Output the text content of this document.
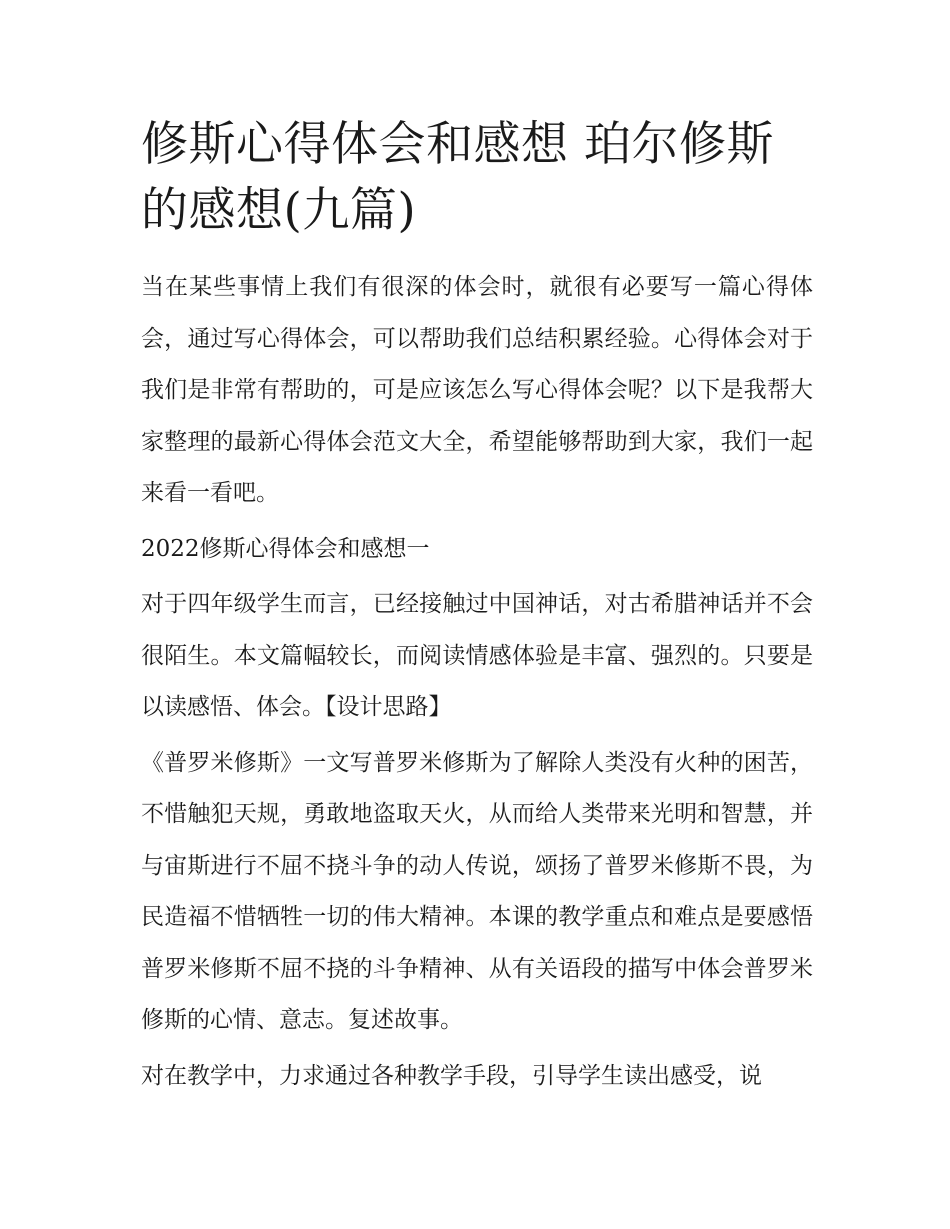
修斯心得体会和感想 珀尔修斯的感想(九篇)

当在某些事情上我们有很深的体会时，就很有必要写一篇心得体会，通过写心得体会，可以帮助我们总结积累经验。心得体会对于我们是非常有帮助的，可是应该怎么写心得体会呢？以下是我帮大家整理的最新心得体会范文大全，希望能够帮助到大家，我们一起来看一看吧。

2022修斯心得体会和感想一

对于四年级学生而言，已经接触过中国神话，对古希腊神话并不会很陌生。本文篇幅较长，而阅读情感体验是丰富、强烈的。只要是以读感悟、体会。【设计思路】

《普罗米修斯》一文写普罗米修斯为了解除人类没有火种的困苦，不惜触犯天规，勇敢地盗取天火，从而给人类带来光明和智慧，并与宙斯进行不屈不挠斗争的动人传说，颂扬了普罗米修斯不畏，为民造福不惜牺牲一切的伟大精神。本课的教学重点和难点是要感悟普罗米修斯不屈不挠的斗争精神、从有关语段的描写中体会普罗米修斯的心情、意志。复述故事。

对在教学中，力求通过各种教学手段，引导学生读出感受，说
